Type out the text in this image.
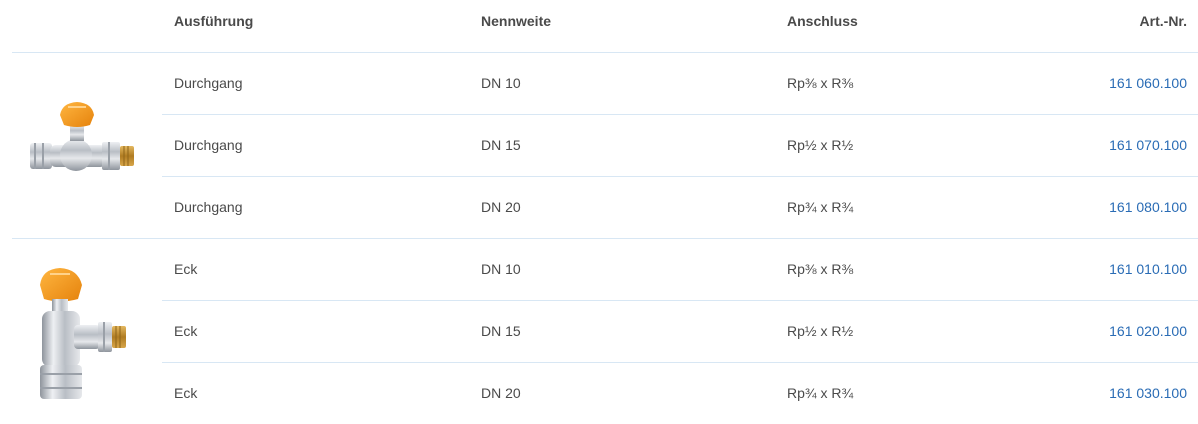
Ausführung	Nennweite	Anschluss	Art.-Nr.
Durchgang	DN 10	Rp⅜ x R⅜	161 060.100
Durchgang	DN 15	Rp½ x R½	161 070.100
Durchgang	DN 20	Rp¾ x R¾	161 080.100
Eck	DN 10	Rp⅜ x R⅜	161 010.100
Eck	DN 15	Rp½ x R½	161 020.100
Eck	DN 20	Rp¾ x R¾	161 030.100
